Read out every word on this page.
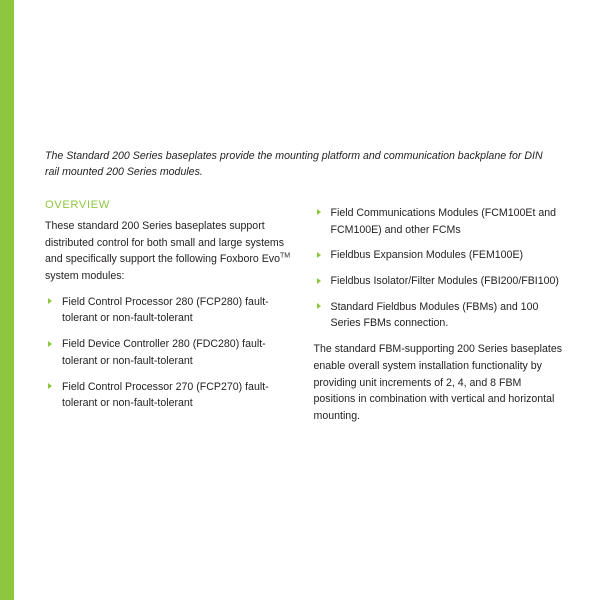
The Standard 200 Series baseplates provide the mounting platform and communication backplane for DIN rail mounted 200 Series modules.

OVERVIEW

These standard 200 Series baseplates support distributed control for both small and large systems and specifically support the following Foxboro Evo™ system modules:

Field Control Processor 280 (FCP280) fault-tolerant or non-fault-tolerant
Field Device Controller 280 (FDC280) fault-tolerant or non-fault-tolerant
Field Control Processor 270 (FCP270) fault-tolerant or non-fault-tolerant
Field Communications Modules (FCM100Et and FCM100E) and other FCMs
Fieldbus Expansion Modules (FEM100E)
Fieldbus Isolator/Filter Modules (FBI200/FBI100)
Standard Fieldbus Modules (FBMs) and 100 Series FBMs connection.

The standard FBM-supporting 200 Series baseplates enable overall system installation functionality by providing unit increments of 2, 4, and 8 FBM positions in combination with vertical and horizontal mounting.
